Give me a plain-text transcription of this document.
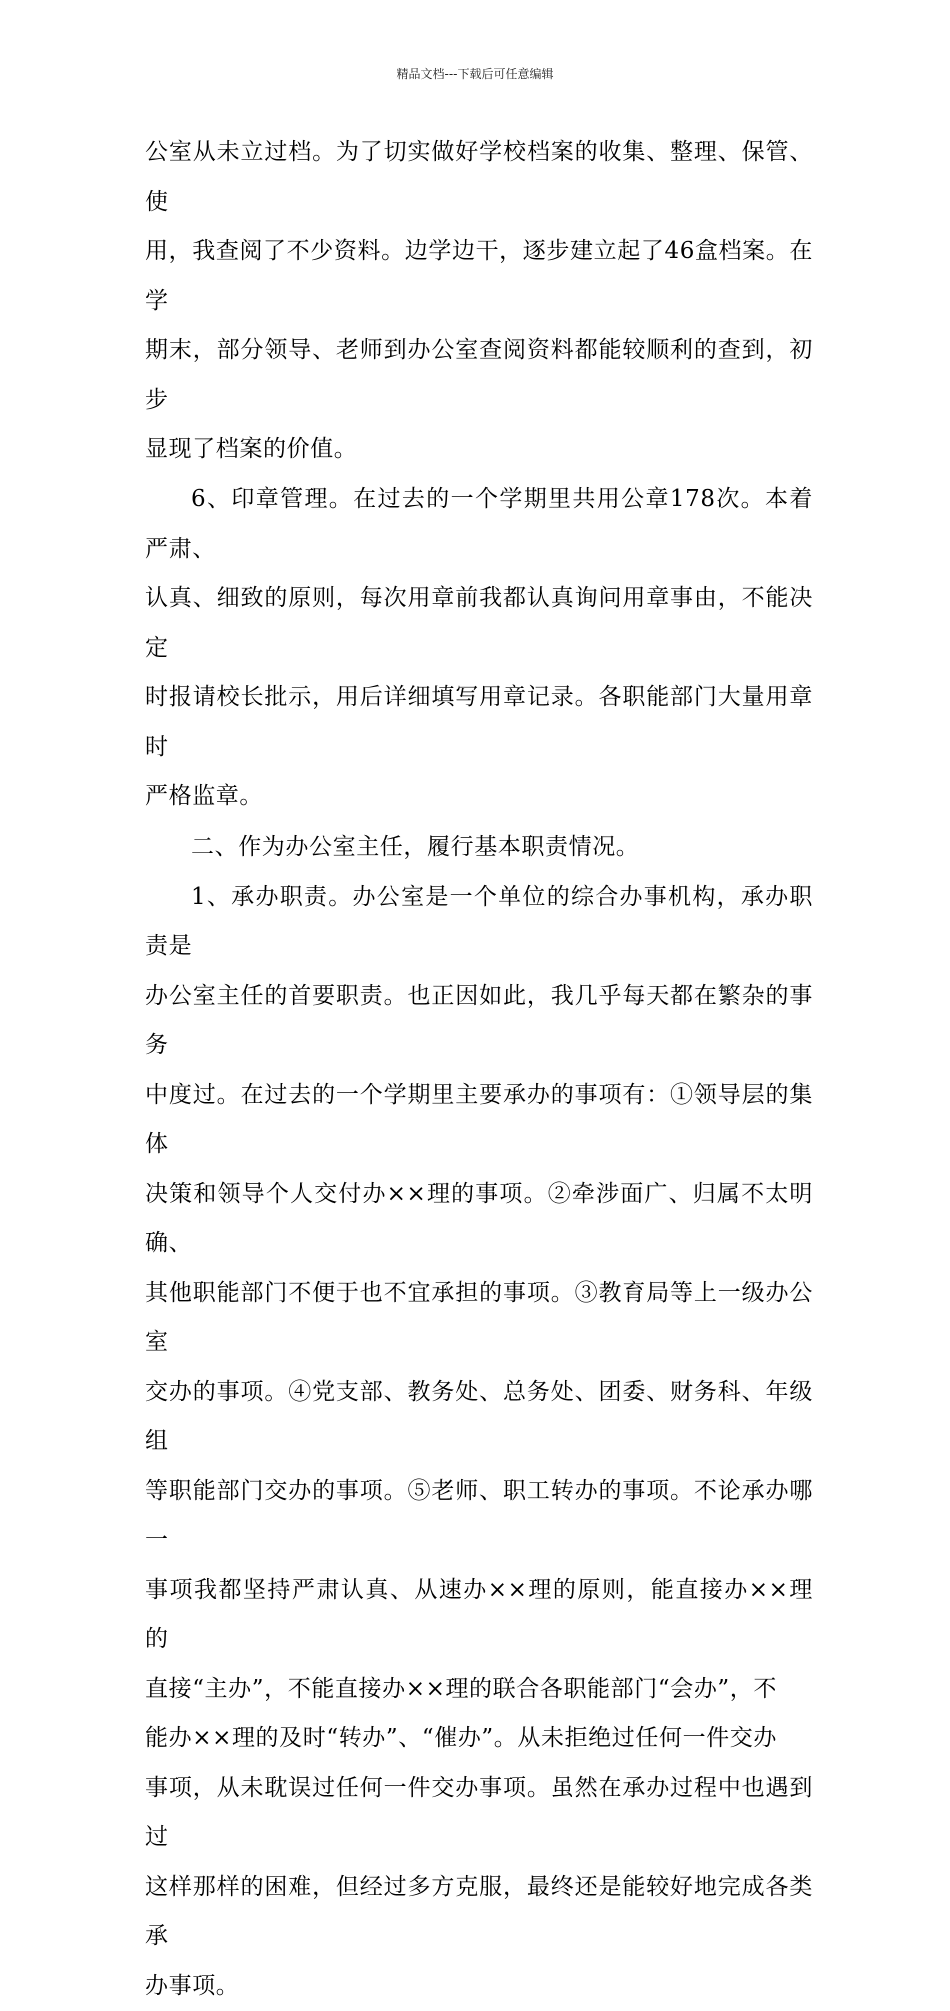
精品文档---下载后可任意编辑

公室从未立过档。为了切实做好学校档案的收集、整理、保管、使

用，我查阅了不少资料。边学边干，逐步建立起了46盒档案。在学

期末，部分领导、老师到办公室查阅资料都能较顺利的查到，初步

显现了档案的价值。

6、印章管理。在过去的一个学期里共用公章178次。本着严肃、

认真、细致的原则，每次用章前我都认真询问用章事由，不能决定

时报请校长批示，用后详细填写用章记录。各职能部门大量用章时

严格监章。

二、作为办公室主任，履行基本职责情况。

1、承办职责。办公室是一个单位的综合办事机构，承办职责是

办公室主任的首要职责。也正因如此，我几乎每天都在繁杂的事务

中度过。在过去的一个学期里主要承办的事项有：①领导层的集体

决策和领导个人交付办××理的事项。②牵涉面广、归属不太明确、

其他职能部门不便于也不宜承担的事项。③教育局等上一级办公室

交办的事项。④党支部、教务处、总务处、团委、财务科、年级组

等职能部门交办的事项。⑤老师、职工转办的事项。不论承办哪一

事项我都坚持严肃认真、从速办××理的原则，能直接办××理的

直接“主办”，不能直接办××理的联合各职能部门“会办”，不

能办××理的及时“转办”、“催办”。从未拒绝过任何一件交办

事项，从未耽误过任何一件交办事项。虽然在承办过程中也遇到过

这样那样的困难，但经过多方克服，最终还是能较好地完成各类承

办事项。
